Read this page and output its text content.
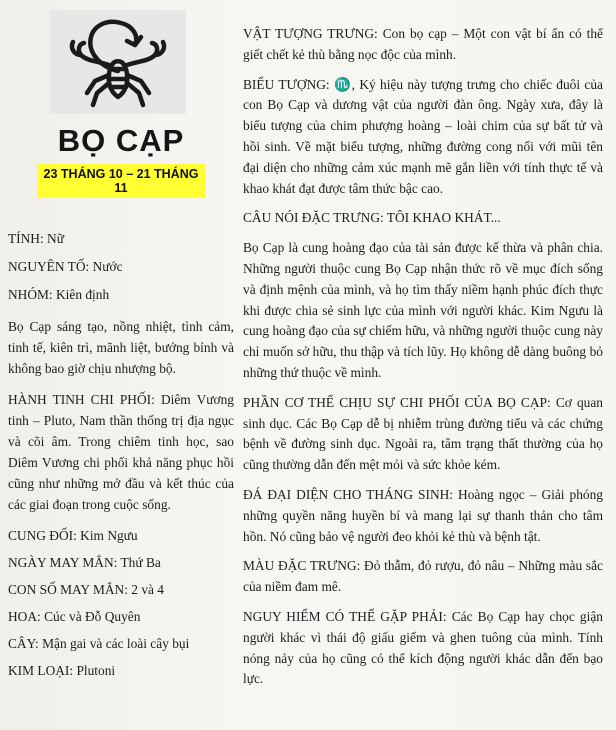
BỌ CẠP
23 THÁNG 10 – 21 THÁNG 11

TÍNH: Nữ

NGUYÊN TỐ: Nước

NHÓM: Kiên định

Bọ Cạp sáng tạo, nồng nhiệt, tình cảm, tinh tế, kiên trì, mãnh liệt, bướng bỉnh và không bao giờ chịu nhượng bộ.

HÀNH TINH CHI PHỐI: Diêm Vương tinh – Pluto, Nam thần thống trị địa ngục và cõi âm. Trong chiêm tinh học, sao Diêm Vương chi phối khả năng phục hồi cũng như những mở đầu và kết thúc của các giai đoạn trong cuộc sống.

CUNG ĐỐI: Kim Ngưu

NGÀY MAY MẮN: Thứ Ba

CON SỐ MAY MẮN: 2 và 4

HOA: Cúc và Đỗ Quyên

CÂY: Mận gai và các loài cây bụi

KIM LOẠI: Plutoni

VẬT TƯỢNG TRƯNG: Con bọ cạp – Một con vật bí ẩn có thể giết chết kẻ thù bằng nọc độc của mình.

BIỂU TƯỢNG: ♏, Ký hiệu này tượng trưng cho chiếc đuôi của con Bọ Cạp và dương vật của người đàn ông. Ngày xưa, đây là biểu tượng của chim phượng hoàng – loài chim của sự bất tử và hồi sinh. Về mặt biểu tượng, những đường cong nối với mũi tên đại diện cho những cảm xúc mạnh mẽ gắn liền với tính thực tế và khao khát đạt được tâm thức bậc cao.

CÂU NÓI ĐẶC TRƯNG: TÔI KHAO KHÁT...

Bọ Cạp là cung hoàng đạo của tài sản được kế thừa và phân chia. Những người thuộc cung Bọ Cạp nhận thức rõ về mục đích sống và định mệnh của mình, và họ tìm thấy niềm hạnh phúc đích thực khi được chia sẻ sinh lực của mình với người khác. Kim Ngưu là cung hoàng đạo của sự chiếm hữu, và những người thuộc cung này chỉ muốn sở hữu, thu thập và tích lũy. Họ không dễ dàng buông bỏ những thứ thuộc về mình.

PHẦN CƠ THỂ CHỊU SỰ CHI PHỐI CỦA BỌ CẠP: Cơ quan sinh dục. Các Bọ Cạp dễ bị nhiễm trùng đường tiểu và các chứng bệnh về đường sinh dục. Ngoài ra, tâm trạng thất thường của họ cũng thường dẫn đến mệt mỏi và sức khỏe kém.

ĐÁ ĐẠI DIỆN CHO THÁNG SINH: Hoàng ngọc – Giải phóng những quyền năng huyền bí và mang lại sự thanh thản cho tâm hồn. Nó cũng bảo vệ người đeo khỏi kẻ thù và bệnh tật.

MÀU ĐẶC TRƯNG: Đỏ thẫm, đỏ rượu, đỏ nâu – Những màu sắc của niềm đam mê.

NGUY HIỂM CÓ THỂ GẶP PHẢI: Các Bọ Cạp hay chọc giận người khác vì thái độ giấu giếm và ghen tuông của mình. Tính nóng nảy của họ cũng có thể kích động người khác dẫn đến bạo lực.
